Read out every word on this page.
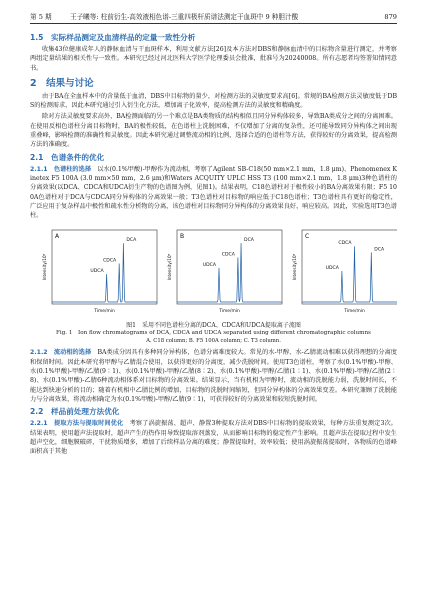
第 5 期	王子曦等: 柱前衍生-高效液相色谱-三重四极杆质谱法测定干血斑中 9 种胆汁酸	879
1.5　实际样品测定及血清样品的定量一致性分析

收集43位健康成年人的静脉血清与干血斑样本，利用文献方法[26]及本方法对DBS和静脉血清中的目标物含量进行测定，并考察两组定量结果的相关性与一致性。本研究已经过河北医科大学医学伦理委员会批准，批准号为20240008。所有志愿者均签署知情同意书。

2　结果与讨论

由于BA在全血样本中的含量低于血清，DBS中目标物的量少，对检测方法的灵敏度要求高[6]。常规的BA检测方法灵敏度低于DBS的检测需求，因此本研究通过引入衍生化方法，增加离子化效率，提高检测方法的灵敏度和精确度。

除对方法灵敏度要求高外，BA检测面临的另一个难点是BA类物质的结构相似且同分异构体较多，导致BA类成分之间的分离困难。在使用反相色谱柱分离目标物时，BA的极性较低，在色谱柱上洗脱困难，不仅增加了分离的复杂性，还可能导致同分异构体之间出现重叠峰，影响检测的准确性和灵敏度。因此本研究通过调整流动相的比例，选择合适的色谱柱等方法，获得较好的分离效果，提高检测方法的准确度。

2.1　色谱条件的优化

2.1.1　色谱柱的选择　 以水(0.1%甲酸)-甲醇作为流动相，考察了Agilent SB-C18(50 mm×2.1 mm，1.8 μm)、Phenomenex Kinetex F5 100A (3.0 mm×50 mm，2.6 μm)和Waters ACQUITY UPLC HSS T3 (100 mm×2.1 mm，1.8 μm)3种色谱柱的分离效果(以DCA、CDCA和UDCA衍生产物的色谱图为例，见图1)。结果表明，C18色谱柱对于极性较小的BA分离效果有限；F5 100A色谱柱对于DCA与CDCA同分异构体的分离效果一般；T3色谱柱对目标物的响应低于C18色谱柱；T3色谱柱具有更好的稳定性，广泛应用于复杂样品中极性和疏水性分析物的分离，该色谱柱对目标物同分异构体的分离效果良好，响应较高。因此，实验选用T3色谱柱。

A
Intensity/10⁶
Time/min
UDCA
CDCA
DCA
B
Intensity/10⁶
Time/min
UDCA
CDCA
DCA
C
Intensity/10⁶
Time/min
UDCA
CDCA
DCA
图1　采用不同色谱柱分离的DCA、CDCA和UDCA提取离子流图
Fig. 1　Ion flow chromatograms of DCA, CDCA and UDCA separated using different chromatographic columns
A. C18 column; B. F5 100A column; C. T3 column.

2.1.2　流动相的选择　 BA类成分因具有多种同分异构体，色谱分离难度较大。常见的水-甲醇、水-乙腈流动相难以获得理想的分离度和保留时间。因此本研究将甲醇与乙腈混合使用，以获得更好的分离度，减少洗脱时间。使用T3色谱柱，考察了水(0.1%甲酸)-甲醇、水(0.1%甲酸)-甲醇/乙腈(9∶1)、水(0.1%甲酸)-甲醇/乙腈(8∶2)、水(0.1%甲酸)-甲醇/乙腈(1∶1)、水(0.1%甲酸)-甲醇/乙腈(2∶8)、水(0.1%甲酸)-乙腈6种流动相体系对目标物的分离效果。结果显示，当有机相为甲醇时，流动相的洗脱能力弱，洗脱时间长，不能达到快速分析的目的；随着有机相中乙腈比例的增加，目标物的洗脱时间缩短，但同分异构体的分离效果变差。本研究兼顾了洗脱能力与分离效果，将流动相确定为水(0.1%甲酸)-甲醇/乙腈(9∶1)，可获得较好的分离效果和较短洗脱时间。

2.2　样品前处理方法优化

2.2.1　提取方法与提取时间优化　 考察了涡旋振荡、超声、静置3种提取方法对DBS中目标物的提取效果，每种方法重复测定3次。结果表明，使用超声法提取时，超声产生的热作用导致提取溶剂蒸发，从而影响目标物的稳定性产生影响。且超声法在提取过程中发生超声空化，细胞膜破碎，干扰物质增多，增加了后续样品分离的难度；静置提取时，效率较低；使用涡旋振荡提取时，各物质的色谱峰面积高于其他
